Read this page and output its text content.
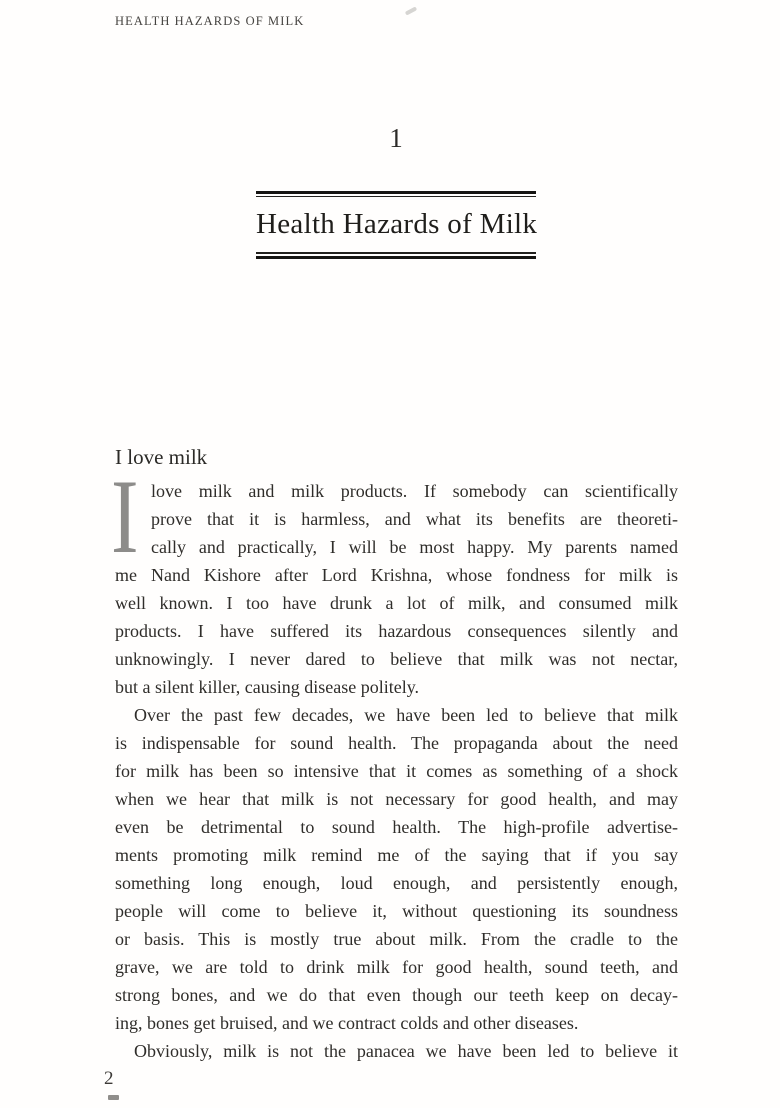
HEALTH HAZARDS OF MILK
1
Health Hazards of Milk
I love milk
I love milk and milk products. If somebody can scientifically
prove that it is harmless, and what its benefits are theoreti-
cally and practically, I will be most happy. My parents named
me Nand Kishore after Lord Krishna, whose fondness for milk is
well known. I too have drunk a lot of milk, and consumed milk
products. I have suffered its hazardous consequences silently and
unknowingly. I never dared to believe that milk was not nectar,
but a silent killer, causing disease politely.
Over the past few decades, we have been led to believe that milk
is indispensable for sound health. The propaganda about the need
for milk has been so intensive that it comes as something of a shock
when we hear that milk is not necessary for good health, and may
even be detrimental to sound health. The high-profile advertise-
ments promoting milk remind me of the saying that if you say
something long enough, loud enough, and persistently enough,
people will come to believe it, without questioning its soundness
or basis. This is mostly true about milk. From the cradle to the
grave, we are told to drink milk for good health, sound teeth, and
strong bones, and we do that even though our teeth keep on decay-
ing, bones get bruised, and we contract colds and other diseases.
Obviously, milk is not the panacea we have been led to believe it
2
